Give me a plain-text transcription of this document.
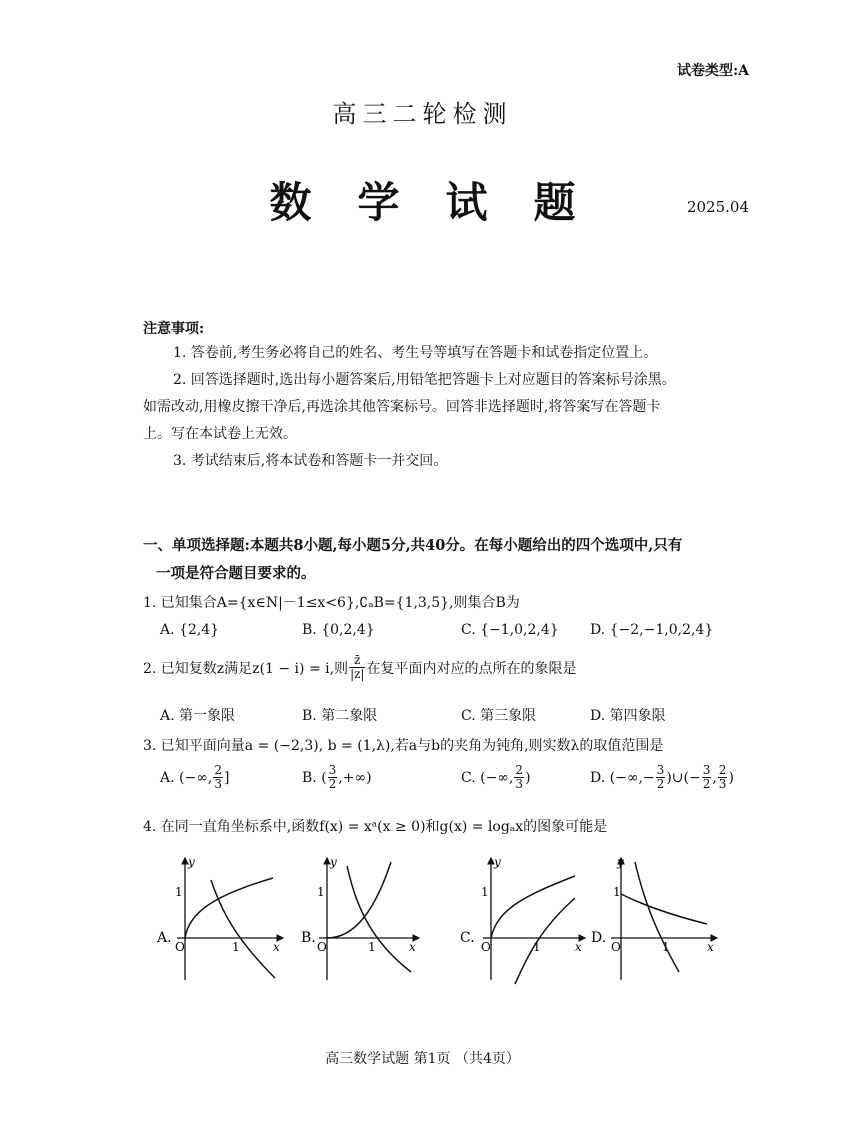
试卷类型:A
高三二轮检测
数学试题	2025.04
注意事项:
1. 答卷前,考生务必将自己的姓名、考生号等填写在答题卡和试卷指定位置上。
2. 回答选择题时,选出每小题答案后,用铅笔把答题卡上对应题目的答案标号涂黑。
如需改动,用橡皮擦干净后,再选涂其他答案标号。回答非选择题时,将答案写在答题卡
上。写在本试卷上无效。
3. 考试结束后,将本试卷和答题卡一并交回。
一、单项选择题:本题共8小题,每小题5分,共40分。在每小题给出的四个选项中,只有
一项是符合题目要求的。
1. 已知集合A={x∈N|－1≤x<6},∁ₐB={1,3,5},则集合B为
A. {2,4}	B. {0,2,4}	C. {−1,0,2,4} D. {−2,−1,0,2,4}
2. 已知复数z满足z(1 − i) = i,则 $\frac{z̄}{|z|}$ 在复平面内对应的点所在的象限是
A. 第一象限	B. 第二象限	C. 第三象限	D. 第四象限
3. 已知平面向量a = (−2,3), b = (1,λ),若a与b的夹角为钝角,则实数λ的取值范围是
A. (−∞, $\frac{2}{3}$ ]	B. ( $\frac{3}{2}$ ,+∞)	C. (−∞, $\frac{2}{3}$ )	D. (−∞,− $\frac{3}{2}$ )∪(− $\frac{3}{2}$ , $\frac{2}{3}$ )
4. 在同一直角坐标系中,函数f(x) = xᵃ(x ≥ 0)和g(x) = logₐx的图象可能是
A.
y
x
1
O	1
B.
y
x
1
O	1
C.
y
x
1
O	1
D.
y
x
1
O	1
高三数学试题 第1页 （共4页）
